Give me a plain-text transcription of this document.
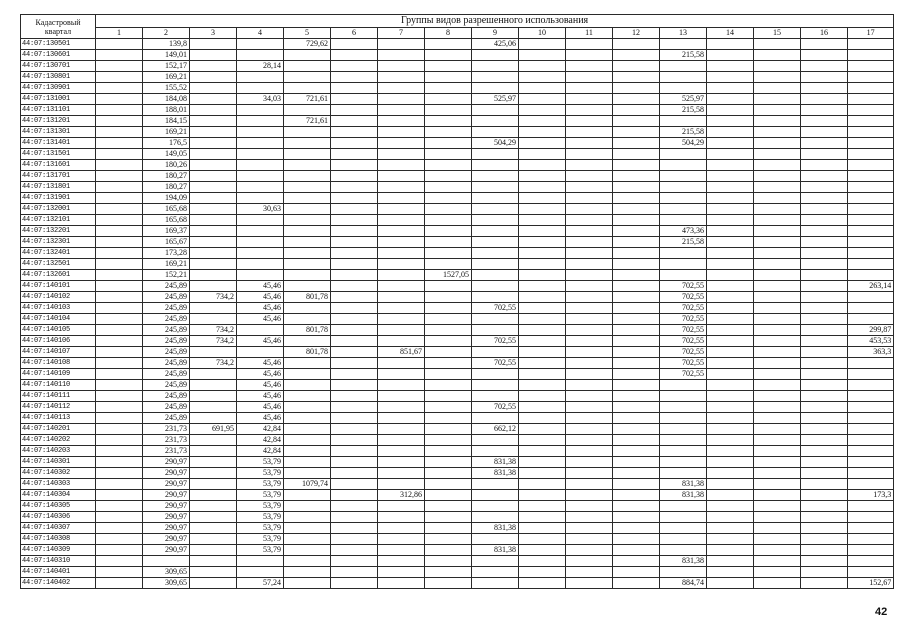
Кадастровый
квартал	Группы видов разрешенного использования																
	1	2	3	4	5	6	7	8	9	10	11	12	13	14	15	16	17
44:07:130501		139,8			729,62				425,06								
44:07:130601		149,01											215,58				
44:07:130701		152,17		28,14													
44:07:130801		169,21															
44:07:130901		155,52															
44:07:131001		184,08		34,03	721,61				525,97				525,97				
44:07:131101		188,01											215,58				
44:07:131201		184,15			721,61												
44:07:131301		169,21											215,58				
44:07:131401		176,5							504,29				504,29				
44:07:131501		149,05															
44:07:131601		180,26															
44:07:131701		180,27															
44:07:131801		180,27															
44:07:131901		194,09															
44:07:132001		165,68		30,63													
44:07:132101		165,68															
44:07:132201		169,37											473,36				
44:07:132301		165,67											215,58				
44:07:132401		173,28															
44:07:132501		169,21															
44:07:132601		152,21						1527,05									
44:07:140101		245,89		45,46									702,55				263,14
44:07:140102		245,89	734,2	45,46	801,78								702,55				
44:07:140103		245,89		45,46					702,55				702,55				
44:07:140104		245,89		45,46									702,55				
44:07:140105		245,89	734,2		801,78								702,55				299,87
44:07:140106		245,89	734,2	45,46					702,55				702,55				453,53
44:07:140107		245,89			801,78		851,67						702,55				363,3
44:07:140108		245,89	734,2	45,46					702,55				702,55				
44:07:140109		245,89		45,46									702,55				
44:07:140110		245,89		45,46													
44:07:140111		245,89		45,46													
44:07:140112		245,89		45,46					702,55								
44:07:140113		245,89		45,46													
44:07:140201		231,73	691,95	42,84					662,12								
44:07:140202		231,73		42,84													
44:07:140203		231,73		42,84													
44:07:140301		290,97		53,79					831,38								
44:07:140302		290,97		53,79					831,38								
44:07:140303		290,97		53,79	1079,74								831,38				
44:07:140304		290,97		53,79			312,86						831,38				173,3
44:07:140305		290,97		53,79													
44:07:140306		290,97		53,79													
44:07:140307		290,97		53,79					831,38								
44:07:140308		290,97		53,79													
44:07:140309		290,97		53,79					831,38								
44:07:140310													831,38				
44:07:140401		309,65															
44:07:140402		309,65		57,24									884,74				152,67
42
